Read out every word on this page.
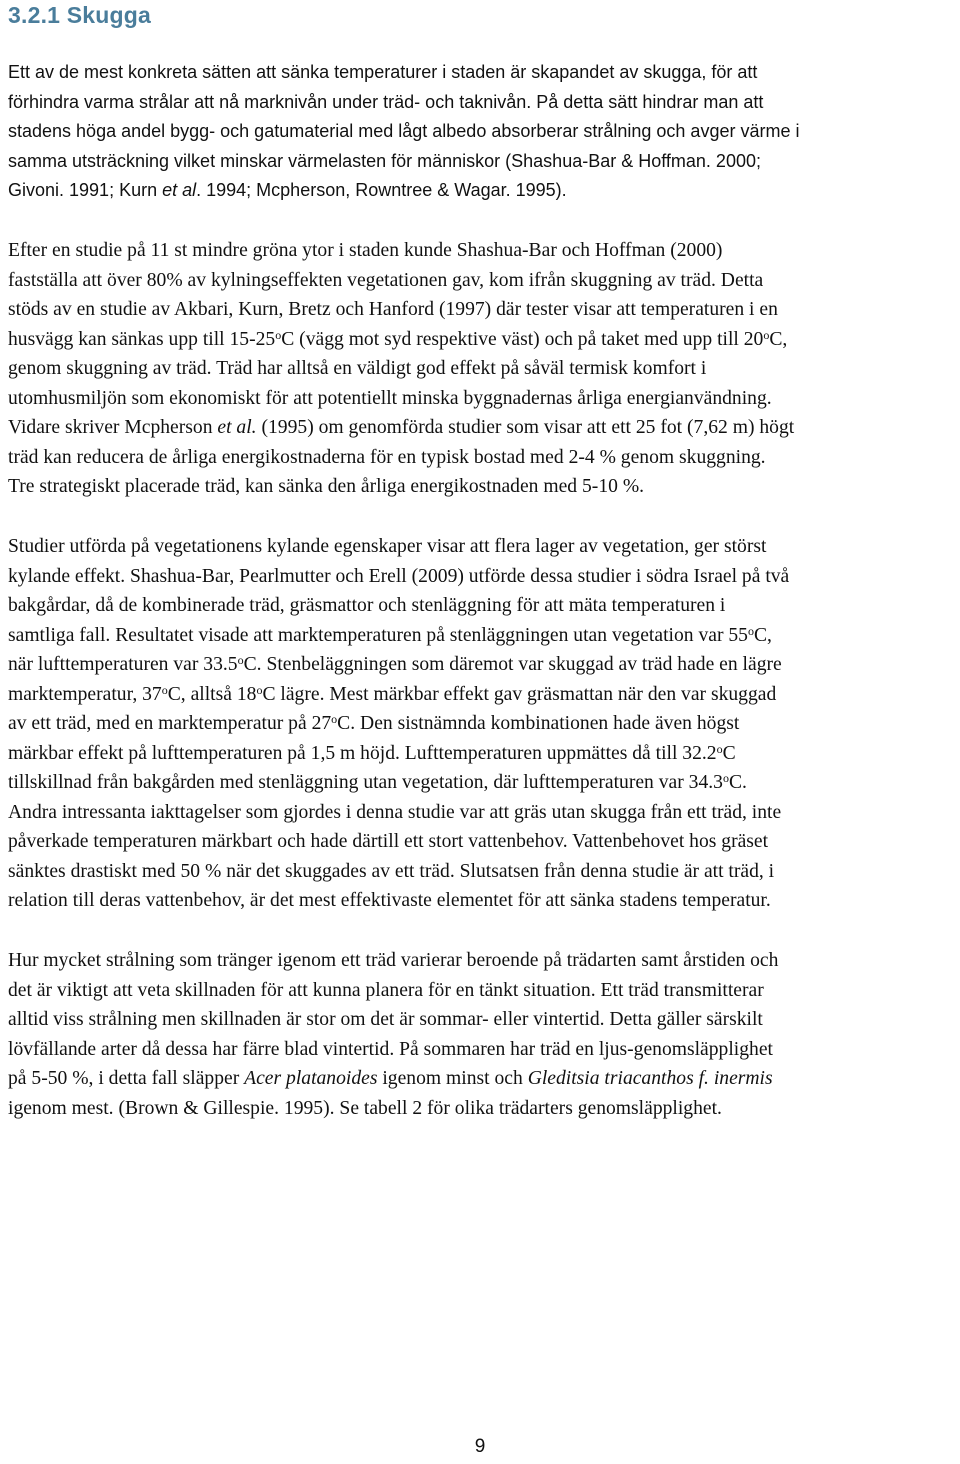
3.2.1 Skugga
Ett av de mest konkreta sätten att sänka temperaturer i staden är skapandet av skugga, för att
förhindra varma strålar att nå marknivån under träd- och taknivån. På detta sätt hindrar man att
stadens höga andel bygg- och gatumaterial med lågt albedo absorberar strålning och avger värme i
samma utsträckning vilket minskar värmelasten för människor (Shashua-Bar & Hoffman. 2000;
Givoni. 1991; Kurn et al. 1994; Mcpherson, Rowntree & Wagar. 1995).
Efter en studie på 11 st mindre gröna ytor i staden kunde Shashua-Bar och Hoffman (2000)
fastställa att över 80% av kylningseffekten vegetationen gav, kom ifrån skuggning av träd. Detta
stöds av en studie av Akbari, Kurn, Bretz och Hanford (1997) där tester visar att temperaturen i en
husvägg kan sänkas upp till 15-25$^o$C (vägg mot syd respektive väst) och på taket med upp till 20$^o$C,
genom skuggning av träd. Träd har alltså en väldigt god effekt på såväl termisk komfort i
utomhusmiljön som ekonomiskt för att potentiellt minska byggnadernas årliga energianvändning.
Vidare skriver Mcpherson et al. (1995) om genomförda studier som visar att ett 25 fot (7,62 m) högt
träd kan reducera de årliga energikostnaderna för en typisk bostad med 2-4 % genom skuggning.
Tre strategiskt placerade träd, kan sänka den årliga energikostnaden med 5-10 %.
Studier utförda på vegetationens kylande egenskaper visar att flera lager av vegetation, ger störst
kylande effekt. Shashua-Bar, Pearlmutter och Erell (2009) utförde dessa studier i södra Israel på två
bakgårdar, då de kombinerade träd, gräsmattor och stenläggning för att mäta temperaturen i
samtliga fall. Resultatet visade att marktemperaturen på stenläggningen utan vegetation var 55$^o$C,
när lufttemperaturen var 33.5$^o$C. Stenbeläggningen som däremot var skuggad av träd hade en lägre
marktemperatur, 37$^o$C, alltså 18$^o$C lägre. Mest märkbar effekt gav gräsmattan när den var skuggad
av ett träd, med en marktemperatur på 27$^o$C. Den sistnämnda kombinationen hade även högst
märkbar effekt på lufttemperaturen på 1,5 m höjd. Lufttemperaturen uppmättes då till 32.2$^o$C
tillskillnad från bakgården med stenläggning utan vegetation, där lufttemperaturen var 34.3$^o$C.
Andra intressanta iakttagelser som gjordes i denna studie var att gräs utan skugga från ett träd, inte
påverkade temperaturen märkbart och hade därtill ett stort vattenbehov. Vattenbehovet hos gräset
sänktes drastiskt med 50 % när det skuggades av ett träd. Slutsatsen från denna studie är att träd, i
relation till deras vattenbehov, är det mest effektivaste elementet för att sänka stadens temperatur.
Hur mycket strålning som tränger igenom ett träd varierar beroende på trädarten samt årstiden och
det är viktigt att veta skillnaden för att kunna planera för en tänkt situation. Ett träd transmitterar
alltid viss strålning men skillnaden är stor om det är sommar- eller vintertid. Detta gäller särskilt
lövfällande arter då dessa har färre blad vintertid. På sommaren har träd en ljus-genomsläpplighet
på 5-50 %, i detta fall släpper Acer platanoides igenom minst och Gleditsia triacanthos f. inermis
igenom mest. (Brown & Gillespie. 1995). Se tabell 2 för olika trädarters genomsläpplighet.
9
